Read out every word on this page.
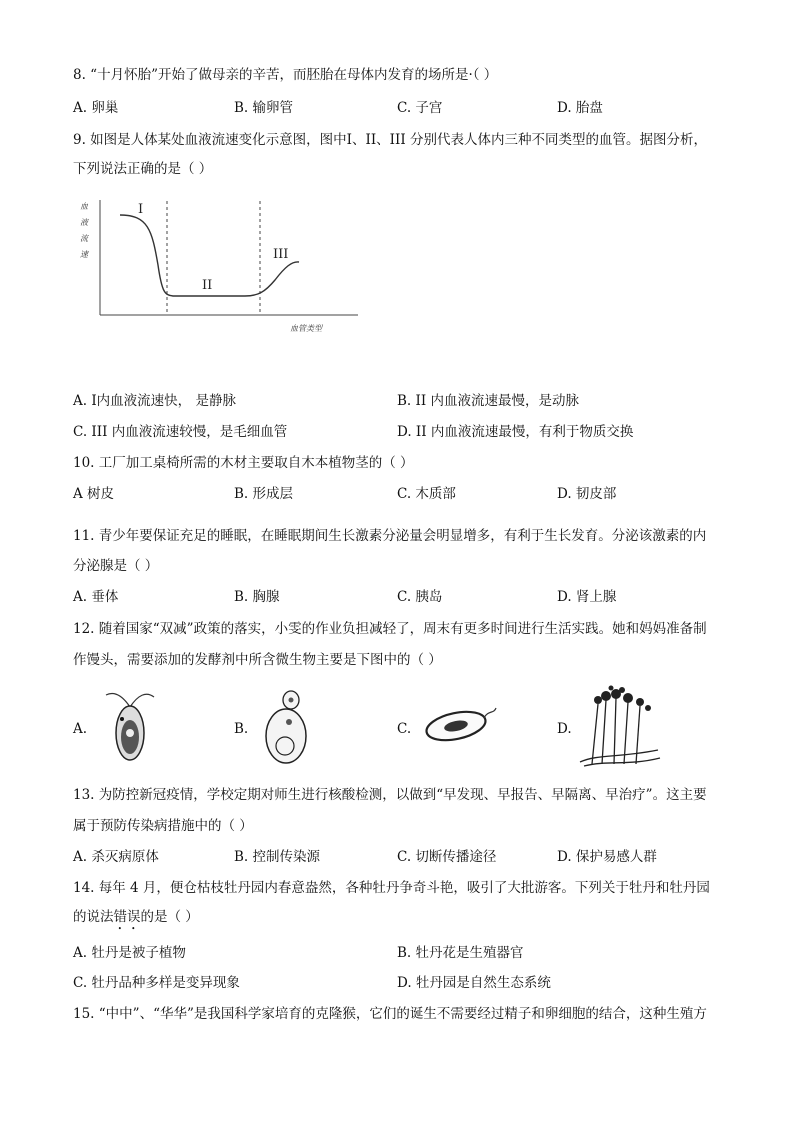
8. “十月怀胎”开始了做母亲的辛苦，而胚胎在母体内发育的场所是·（ ）
A. 卵巢	B. 输卵管	C. 子宫	D. 胎盘
9. 如图是人体某处血液流速变化示意图，图中I、II、III 分别代表人体内三种不同类型的血管。据图分析，
下列说法正确的是（ ）
血
液
流
速
I
II
III
血管类型
A. I内血液流速快， 是静脉	B. II 内血液流速最慢，是动脉
C. III 内血液流速较慢，是毛细血管	D. II 内血液流速最慢，有利于物质交换
10. 工厂加工桌椅所需的木材主要取自木本植物茎的（ ）
A 树皮	B. 形成层	C. 木质部	D. 韧皮部
11. 青少年要保证充足的睡眠，在睡眠期间生长激素分泌量会明显增多，有利于生长发育。分泌该激素的内
分泌腺是（ ）
A. 垂体	B. 胸腺	C. 胰岛	D. 肾上腺
12. 随着国家“双减”政策的落实，小雯的作业负担减轻了，周末有更多时间进行生活实践。她和妈妈准备制
作馒头，需要添加的发酵剂中所含微生物主要是下图中的（ ）
A.	B.	C.	D.
13. 为防控新冠疫情，学校定期对师生进行核酸检测，以做到“早发现、早报告、早隔离、早治疗”。这主要
属于预防传染病措施中的（ ）
A. 杀灭病原体	B. 控制传染源	C. 切断传播途径	D. 保护易感人群
14. 每年 4 月，便仓枯枝牡丹园内春意盎然，各种牡丹争奇斗艳，吸引了大批游客。下列关于牡丹和牡丹园
的说法错误的是（ ）
A. 牡丹是被子植物	B. 牡丹花是生殖器官
C. 牡丹品种多样是变异现象	D. 牡丹园是自然生态系统
15. “中中”、“华华”是我国科学家培育的克隆猴，它们的诞生不需要经过精子和卵细胞的结合，这种生殖方
